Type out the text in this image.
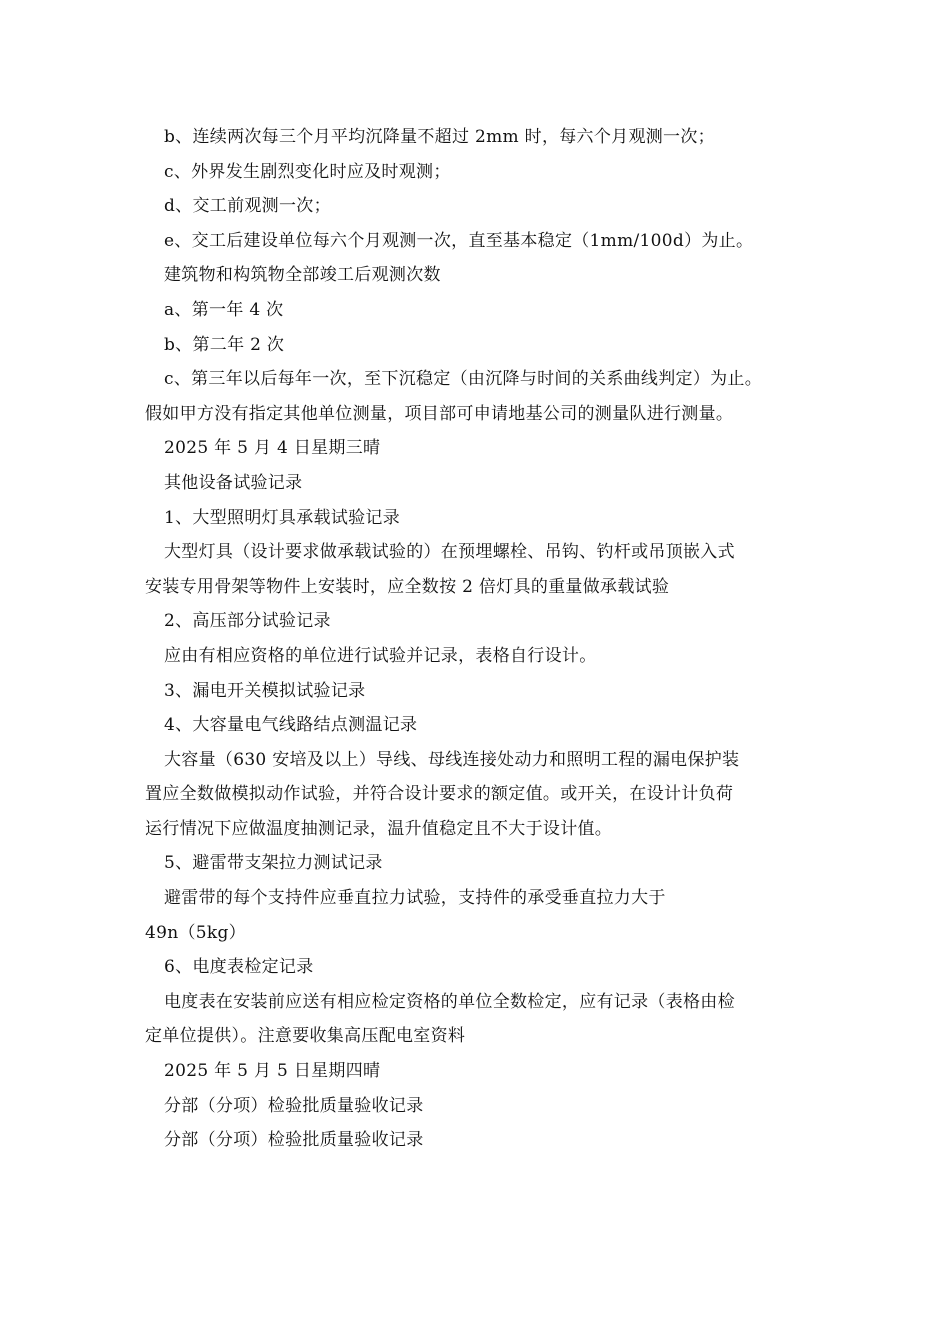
b、连续两次每三个月平均沉降量不超过 2mm 时，每六个月观测一次；
c、外界发生剧烈变化时应及时观测；
d、交工前观测一次；
e、交工后建设单位每六个月观测一次，直至基本稳定（1mm/100d）为止。
建筑物和构筑物全部竣工后观测次数
a、第一年 4 次
b、第二年 2 次
c、第三年以后每年一次，至下沉稳定（由沉降与时间的关系曲线判定）为止。
假如甲方没有指定其他单位测量，项目部可申请地基公司的测量队进行测量。
2025 年 5 月 4 日星期三晴
其他设备试验记录
1、大型照明灯具承载试验记录
大型灯具（设计要求做承载试验的）在预埋螺栓、吊钩、钓杆或吊顶嵌入式
安装专用骨架等物件上安装时，应全数按 2 倍灯具的重量做承载试验
2、高压部分试验记录
应由有相应资格的单位进行试验并记录，表格自行设计。
3、漏电开关模拟试验记录
4、大容量电气线路结点测温记录
大容量（630 安培及以上）导线、母线连接处动力和照明工程的漏电保护装
置应全数做模拟动作试验，并符合设计要求的额定值。或开关，在设计计负荷
运行情况下应做温度抽测记录，温升值稳定且不大于设计值。
5、避雷带支架拉力测试记录
避雷带的每个支持件应垂直拉力试验，支持件的承受垂直拉力大于
49n（5kg）
6、电度表检定记录
电度表在安装前应送有相应检定资格的单位全数检定，应有记录（表格由检
定单位提供）。注意要收集高压配电室资料
2025 年 5 月 5 日星期四晴
分部（分项）检验批质量验收记录
分部（分项）检验批质量验收记录
